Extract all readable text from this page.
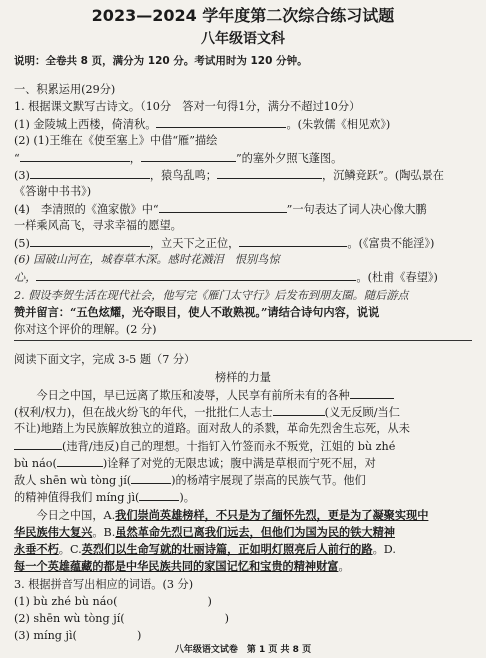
2023—2024 学年度第二次综合练习试题
八年级语文科
说明：全卷共 8 页，满分为 120 分。考试用时为 120 分钟。
一、积累运用(29分)
1. 根据课文默写古诗文。（10分　答对一句得1分，满分不超过10分）
(1) 金陵城上西楼，倚清秋。	。(朱敦儒《相见欢》)
(2) (1)王维在《使至塞上》中借“雁”描绘
“	，	”的塞外夕照飞蓬图。
(3)	，猿鸟乱鸣；	，沉鳞竞跃”。(陶弘景在
《答谢中书书》)
(4)　李清照的《渔家傲》中“	”一句表达了词人决心像大鹏
一样乘风高飞，寻求幸福的愿望。
(5)	，立天下之正位，	。(《富贵不能淫》)
(6) 国破山河在，城春草木深。感时花溅泪　恨别鸟惊
心，	。(杜甫《春望》)
2. 假设李贺生活在现代社会，他写完《雁门太守行》后发布到朋友圈。随后游点
赞并留言：“五色炫耀，光夺眼目，使人不敢熟视。”请结合诗句内容，说说
你对这个评价的理解。(2 分)
阅读下面文字，完成 3-5 题（7 分）
榜样的力量
　　今日之中国，早已远离了欺压和凌辱，人民享有前所未有的各种
(权利/权力)，但在战火纷飞的年代，一批批仁人志士	(义无反顾/当仁
不让)地踏上为民族解放独立的道路。面对敌人的杀戮，革命先烈舍生忘死，从未
(违背/违反)自己的理想。十指钉入竹签而永不叛党，江姐的 bù zhé
bù náo(	)诠释了对党的无限忠诚；腹中满是草根而宁死不屈，对
敌人 shēn wù tòng jí(	)的杨靖宇展现了崇高的民族气节。他们
的精神值得我们 míng jì(	)。
　　今日之中国，A.我们崇尚英雄榜样，不只是为了缅怀先烈，更是为了凝聚实现中
华民族伟大复兴。B.虽然革命先烈已离我们远去，但他们为国为民的铁大精神
永垂不朽。C.英烈们以生命写就的壮丽诗篇，正如明灯照亮后人前行的路。D.
每一个英雄蕴藏的都是中华民族共同的家国记忆和宝贵的精神财富。
3. 根据拼音写出相应的词语。(3 分)
(1) bù zhé bù náo(	)
(2) shēn wù tòng jí(	)
(3) míng jì(	)
八年级语文试卷　第 1 页 共 8 页
